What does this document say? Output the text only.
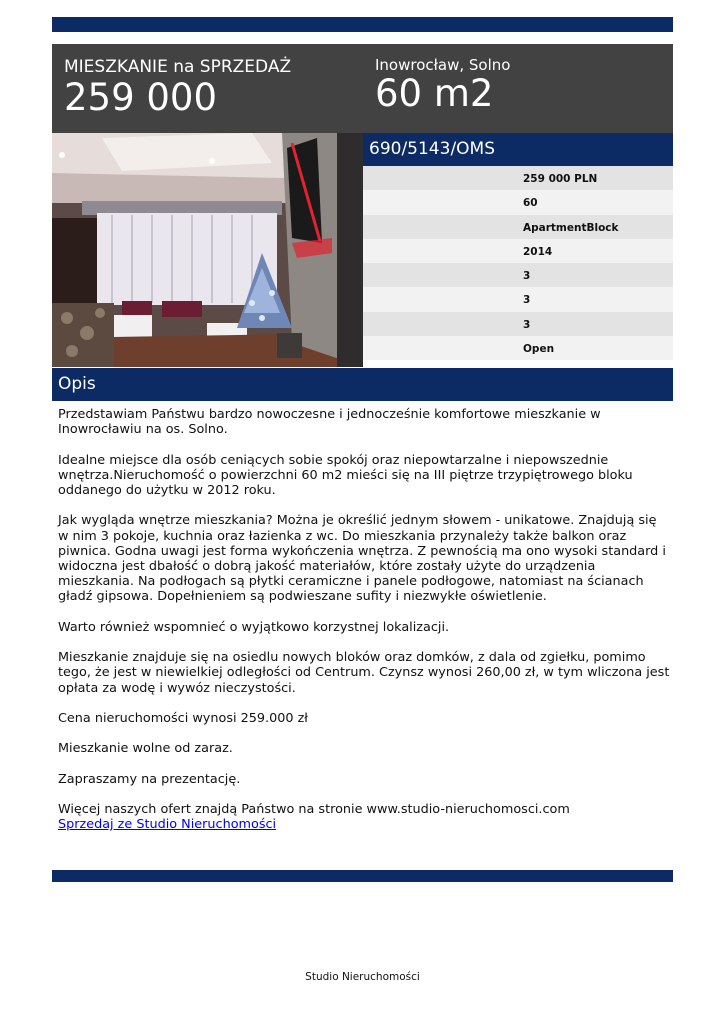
MIESZKANIE na SPRZEDAŻ
259 000
Inowrocław, Solno
60 m2
690/5143/OMS
259 000 PLN
60
ApartmentBlock
2014
3
3
3
Open
Opis

Przedstawiam Państwu bardzo nowoczesne i jednocześnie komfortowe mieszkanie w Inowrocławiu na os. Solno.

Idealne miejsce dla osób ceniących sobie spokój oraz niepowtarzalne i niepowszednie wnętrza.Nieruchomość o powierzchni 60 m2 mieści się na III piętrze trzypiętrowego bloku oddanego do użytku w 2012 roku.

Jak wygląda wnętrze mieszkania? Można je określić jednym słowem - unikatowe. Znajdują się w nim 3 pokoje, kuchnia oraz łazienka z wc. Do mieszkania przynależy także balkon oraz piwnica. Godna uwagi jest forma wykończenia wnętrza. Z pewnością ma ono wysoki standard i widoczna jest dbałość o dobrą jakość materiałów, które zostały użyte do urządzenia mieszkania. Na podłogach są płytki ceramiczne i panele podłogowe, natomiast na ścianach gładź gipsowa. Dopełnieniem są podwieszane sufity i niezwykłe oświetlenie.

Warto również wspomnieć o wyjątkowo korzystnej lokalizacji.

Mieszkanie znajduje się na osiedlu nowych bloków oraz domków, z dala od zgiełku, pomimo tego, że jest w niewielkiej odległości od Centrum. Czynsz wynosi 260,00 zł, w tym wliczona jest opłata za wodę i wywóz nieczystości.

Cena nieruchomości wynosi 259.000 zł

Mieszkanie wolne od zaraz.

Zapraszamy na prezentację.

Więcej naszych ofert znajdą Państwo na stronie www.studio-nieruchomosci.com

Sprzedaj ze Studio Nieruchomości
Studio Nieruchomości
